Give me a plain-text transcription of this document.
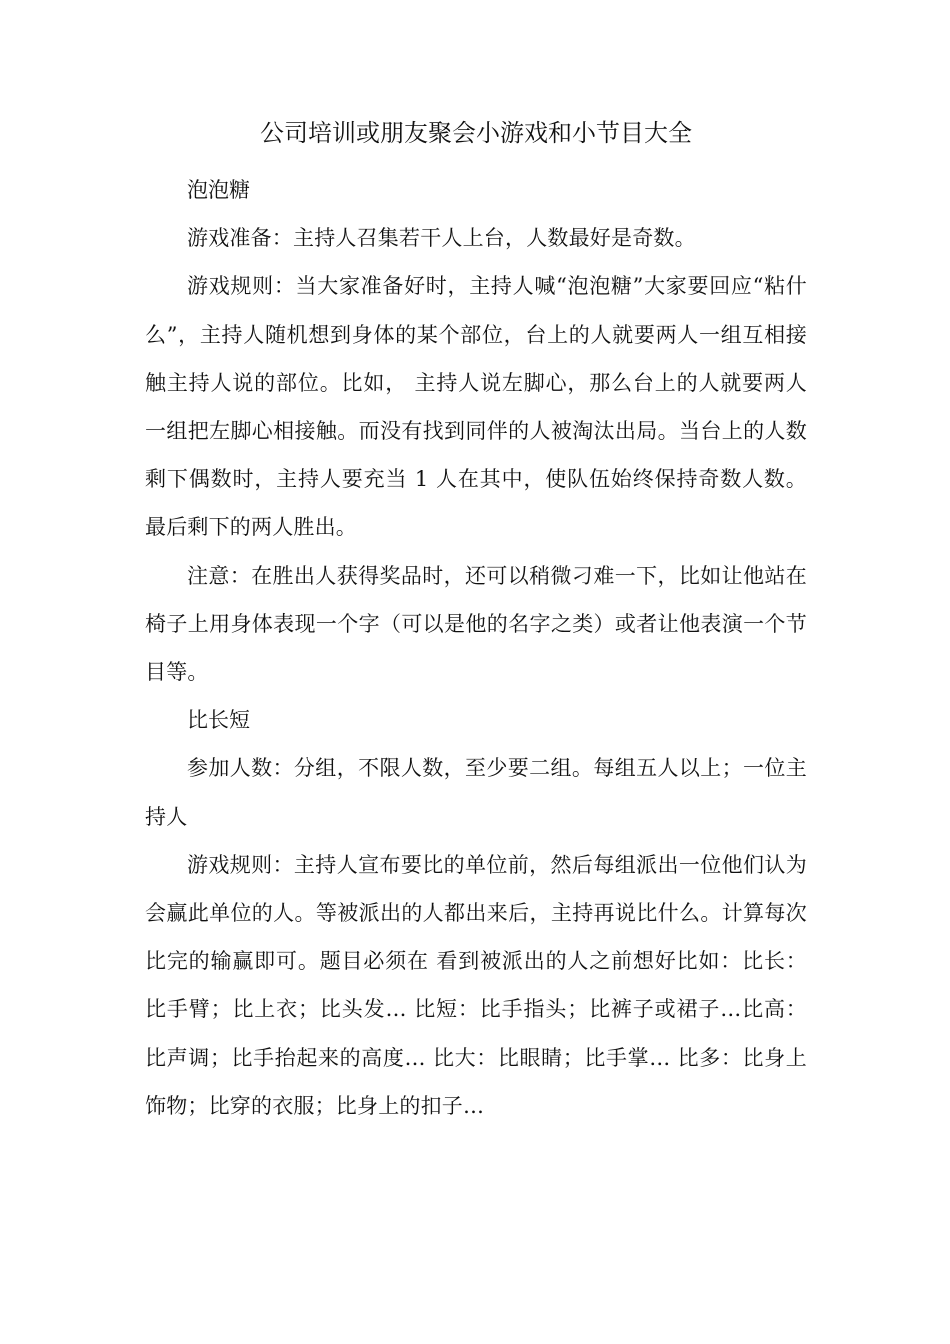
公司培训或朋友聚会小游戏和小节目大全

泡泡糖

游戏准备：主持人召集若干人上台，人数最好是奇数。

游戏规则：当大家准备好时，主持人喊“泡泡糖”大家要回应“粘什么”，主持人随机想到身体的某个部位，台上的人就要两人一组互相接触主持人说的部位。比如， 主持人说左脚心，那么台上的人就要两人一组把左脚心相接触。而没有找到同伴的人被淘汰出局。当台上的人数剩下偶数时，主持人要充当 1 人在其中，使队伍始终保持奇数人数。最后剩下的两人胜出。

注意：在胜出人获得奖品时，还可以稍微刁难一下，比如让他站在椅子上用身体表现一个字（可以是他的名字之类）或者让他表演一个节目等。

比长短

参加人数：分组，不限人数，至少要二组。每组五人以上；一位主持人

游戏规则：主持人宣布要比的单位前，然后每组派出一位他们认为会赢此单位的人。等被派出的人都出来后，主持再说比什么。计算每次比完的输赢即可。题目必须在 看到被派出的人之前想好比如：比长：比手臂；比上衣；比头发… 比短：比手指头；比裤子或裙子…比高：比声调；比手抬起来的高度… 比大：比眼睛；比手掌… 比多：比身上饰物；比穿的衣服；比身上的扣子…
